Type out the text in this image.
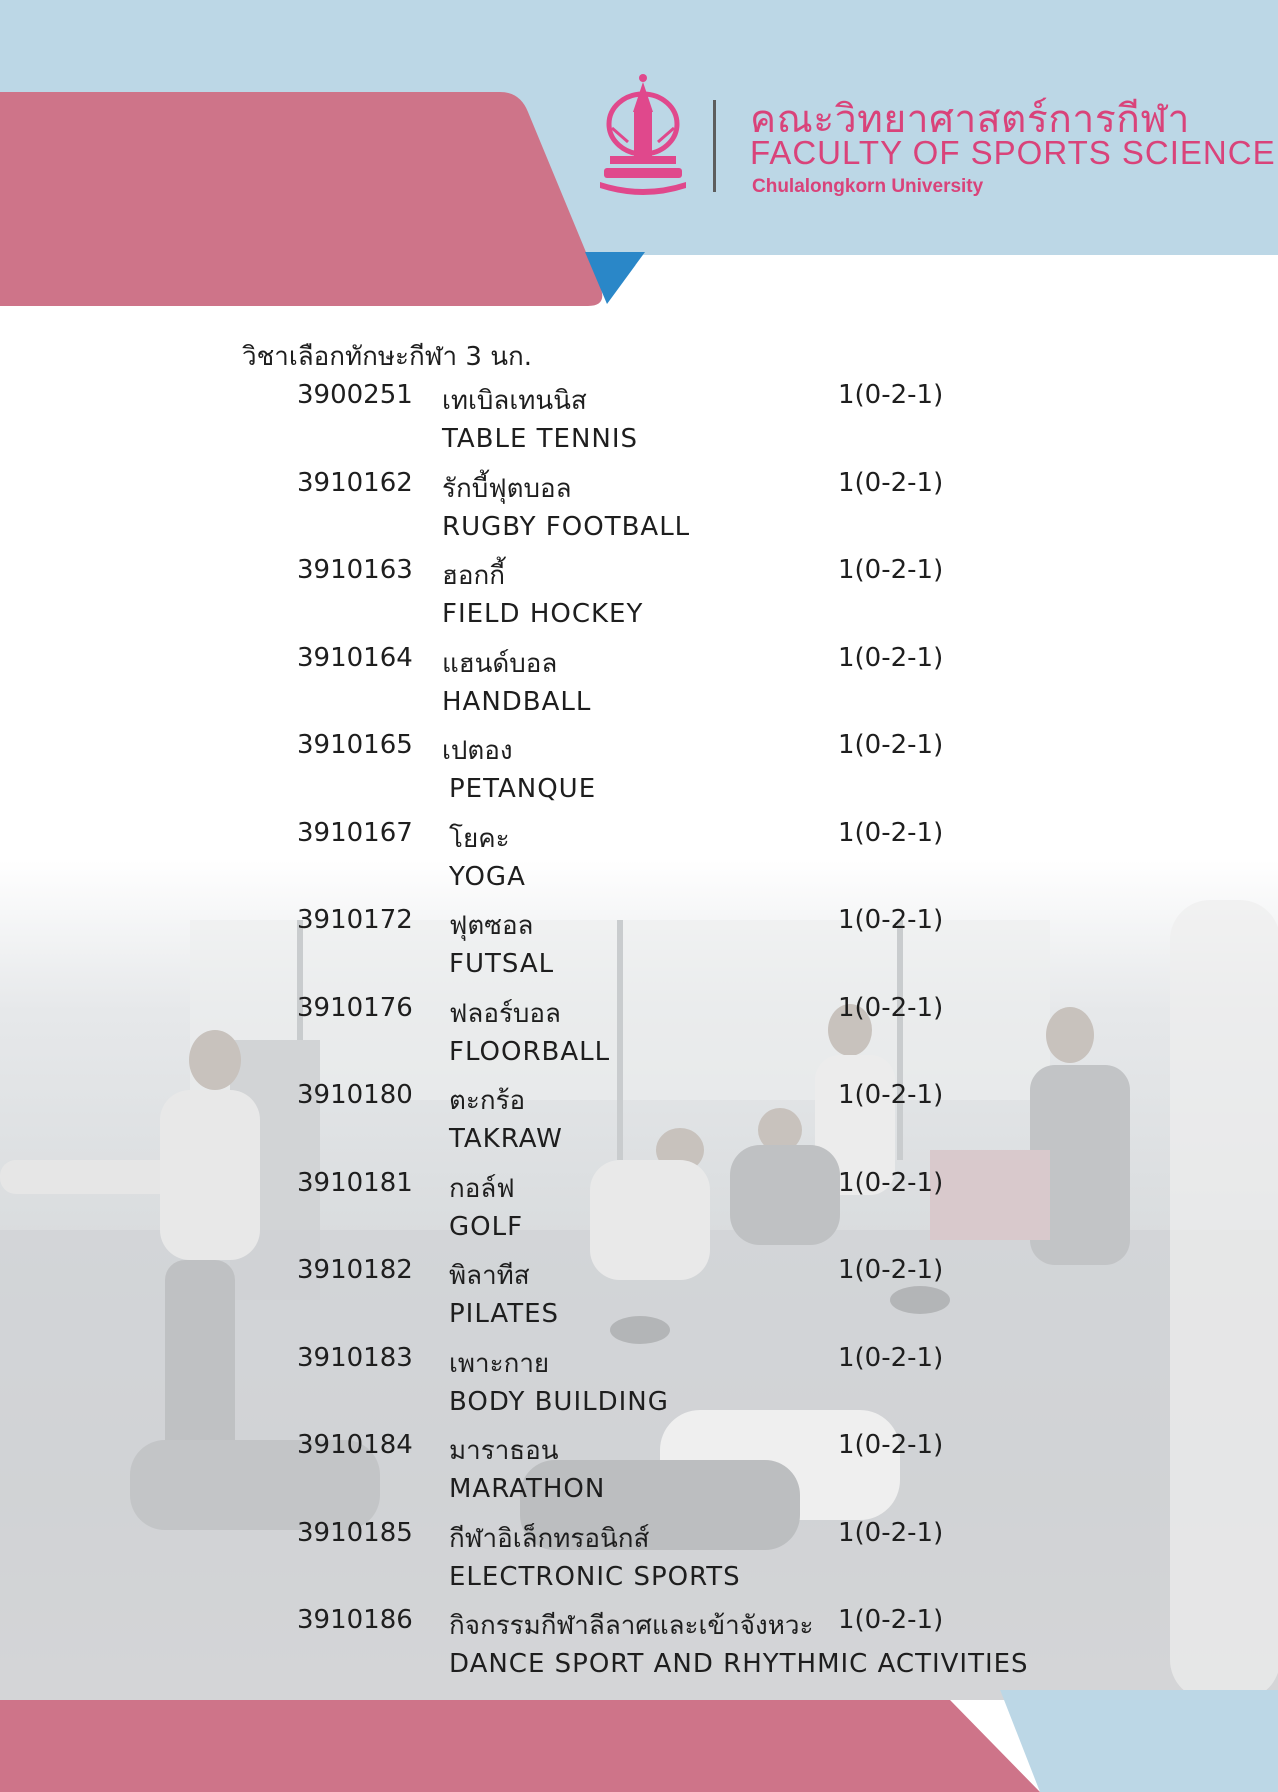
คณะวิทยาศาสตร์การกีฬา
FACULTY OF SPORTS SCIENCE
Chulalongkorn University
วิชาเลือกทักษะกีฬา 3 นก.
3900251 เทเบิลเทนนิส	1(0-2-1)
TABLE TENNIS
3910162 รักบี้ฟุตบอล	1(0-2-1)
RUGBY FOOTBALL
3910163 ฮอกกี้	1(0-2-1)
FIELD HOCKEY
3910164 แฮนด์บอล	1(0-2-1)
HANDBALL
3910165 เปตอง	1(0-2-1)
PETANQUE
3910167 โยคะ	1(0-2-1)
YOGA
3910172 ฟุตซอล	1(0-2-1)
FUTSAL
3910176 ฟลอร์บอล	1(0-2-1)
FLOORBALL
3910180 ตะกร้อ	1(0-2-1)
TAKRAW
3910181 กอล์ฟ	1(0-2-1)
GOLF
3910182 พิลาทีส	1(0-2-1)
PILATES
3910183 เพาะกาย	1(0-2-1)
BODY BUILDING
3910184 มาราธอน	1(0-2-1)
MARATHON
3910185 กีฬาอิเล็กทรอนิกส์	1(0-2-1)
ELECTRONIC SPORTS
3910186 กิจกรรมกีฬาลีลาศและเข้าจังหวะ 1(0-2-1)
DANCE SPORT AND RHYTHMIC ACTIVITIES
